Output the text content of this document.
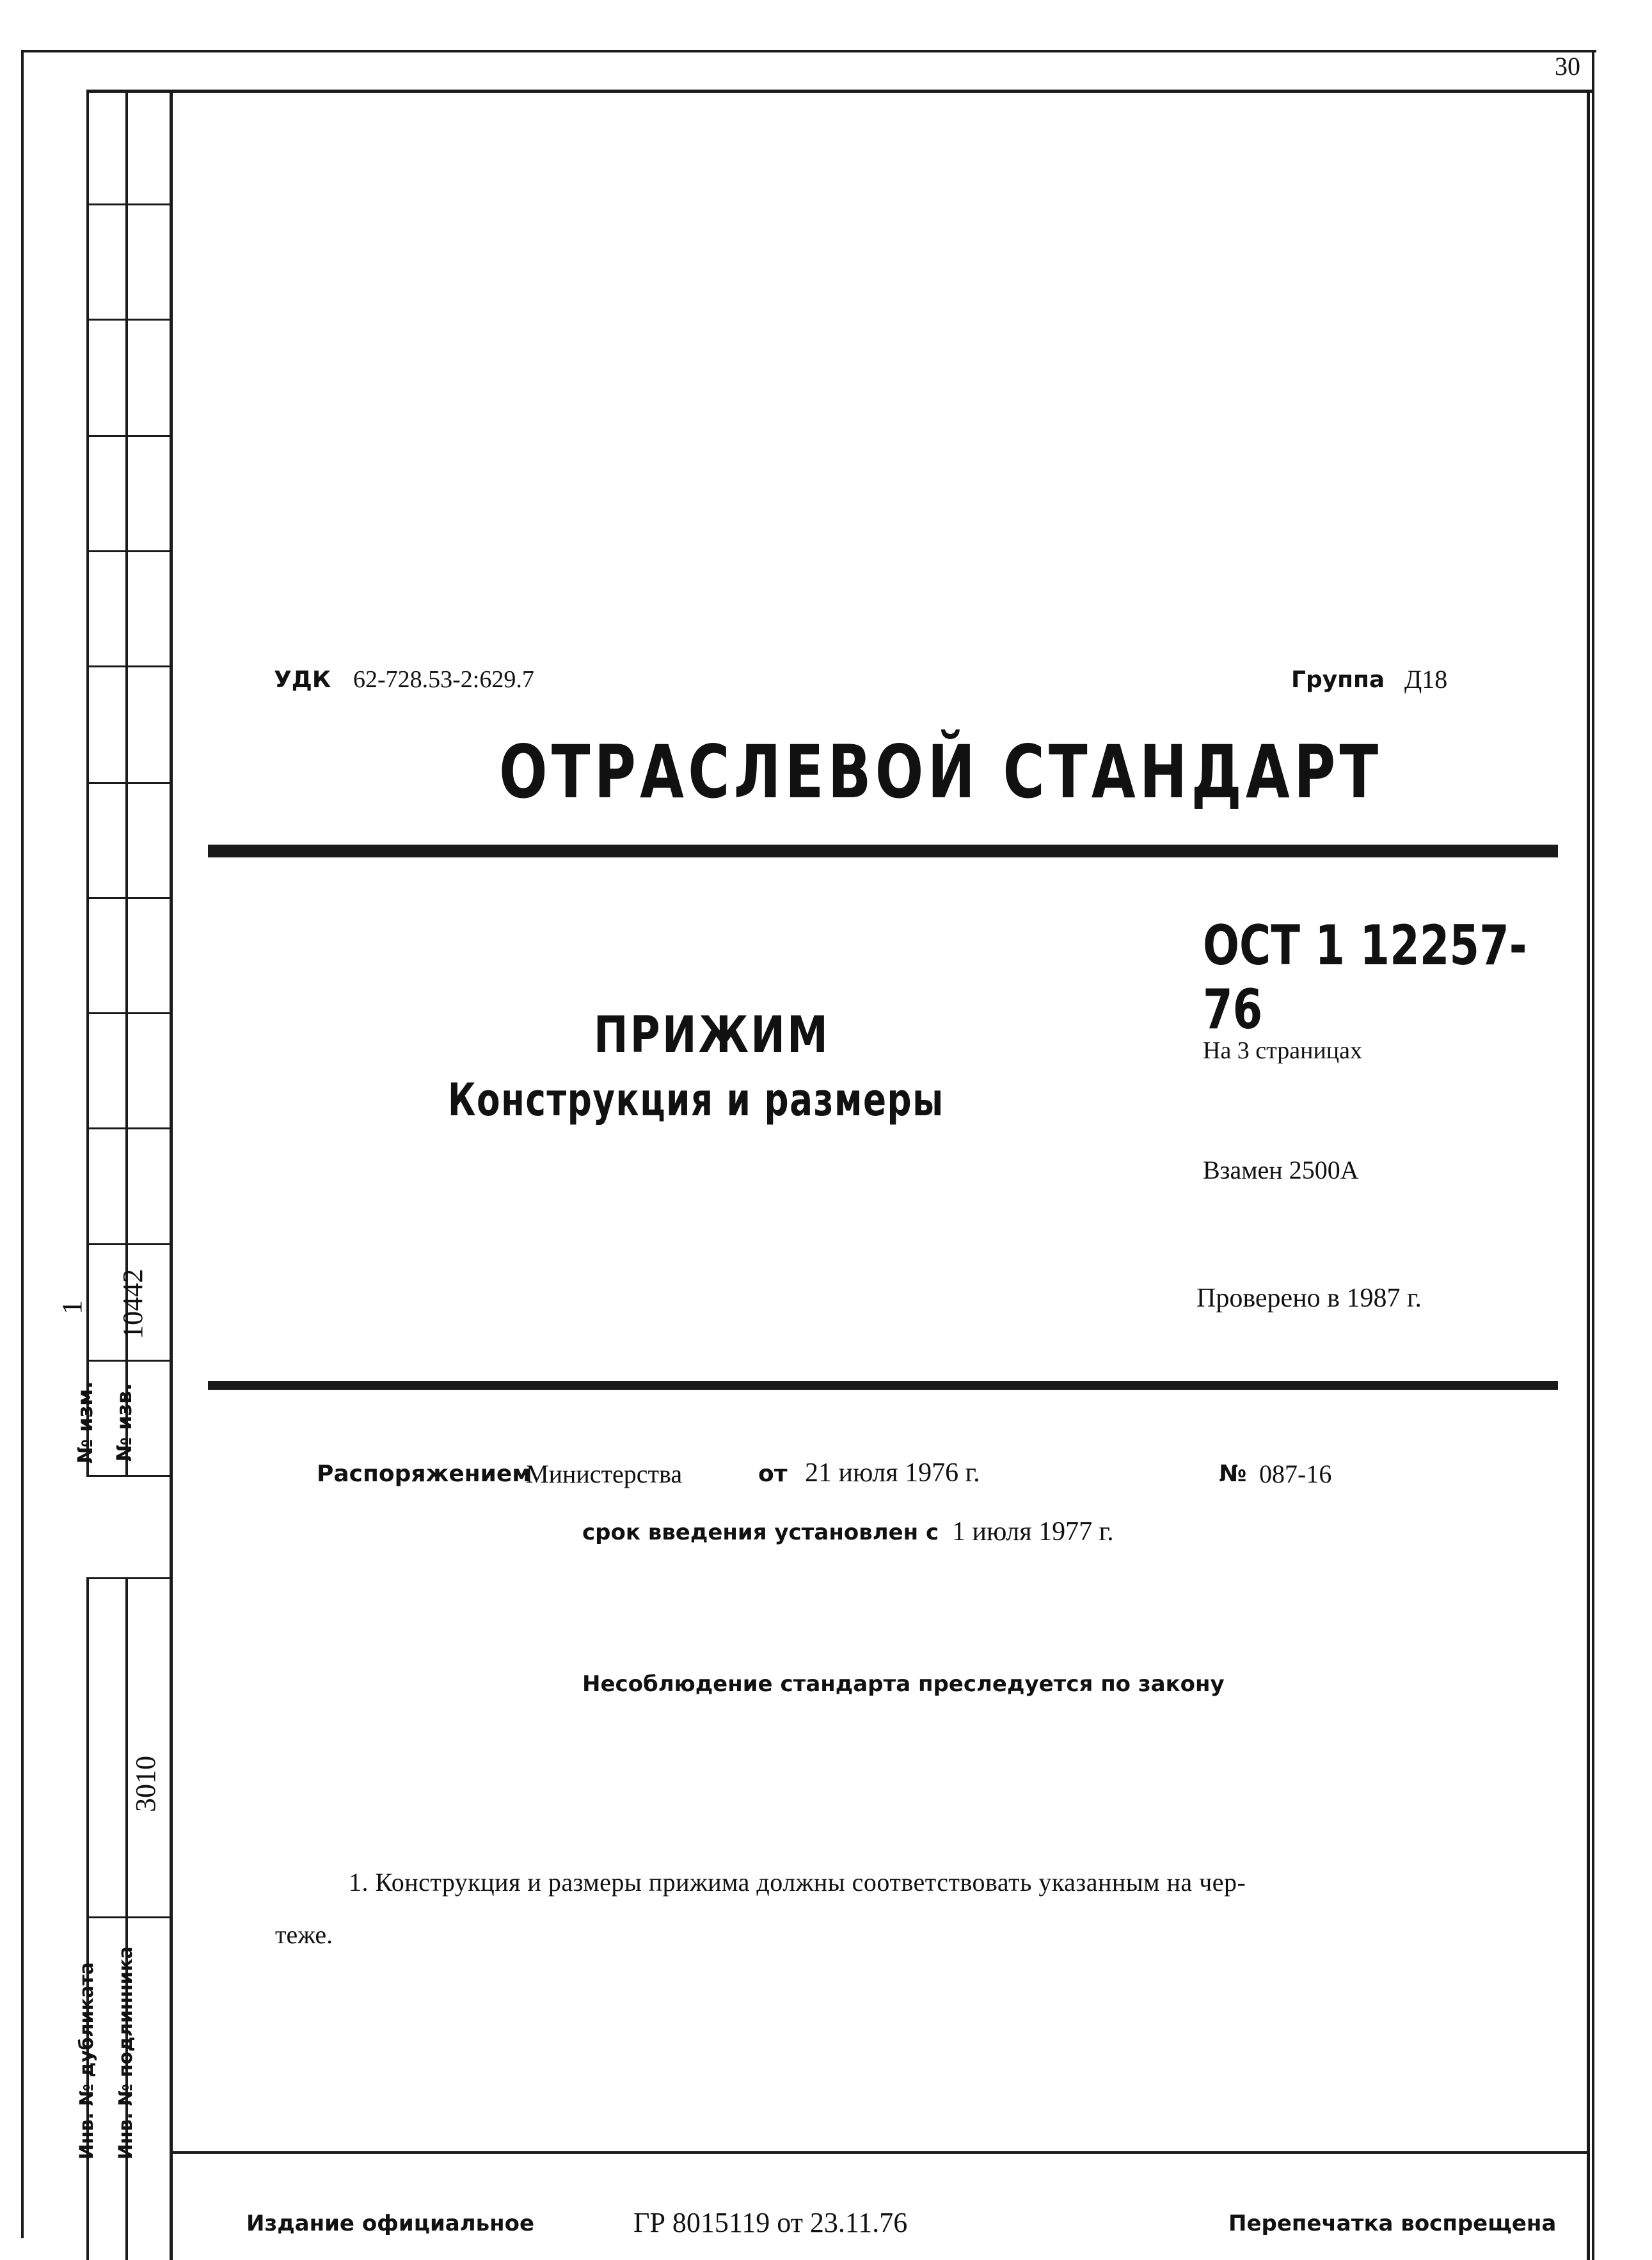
30
1 10442
№ изм. № изв.
3010
Инв. № дубликата Инв. № подлинника
УДК 62-728.53-2:629.7	Группа Д18
ОТРАСЛЕВОЙ СТАНДАРТ
ОСТ 1 12257-76
ПРИЖИМ
Конструкция и размеры
На 3 страницах
Взамен 2500А
Проверено в 1987 г.
Распоряжением
Министерства	от 21 июля 1976 г.	№ 087-16
срок введения установлен с 1 июля 1977 г.
Несоблюдение стандарта преследуется по закону
1. Конструкция и размеры прижима должны соответствовать указанным на чер-
теже.
Издание официальное	ГР 8015119 от 23.11.76	Перепечатка воспрещена
